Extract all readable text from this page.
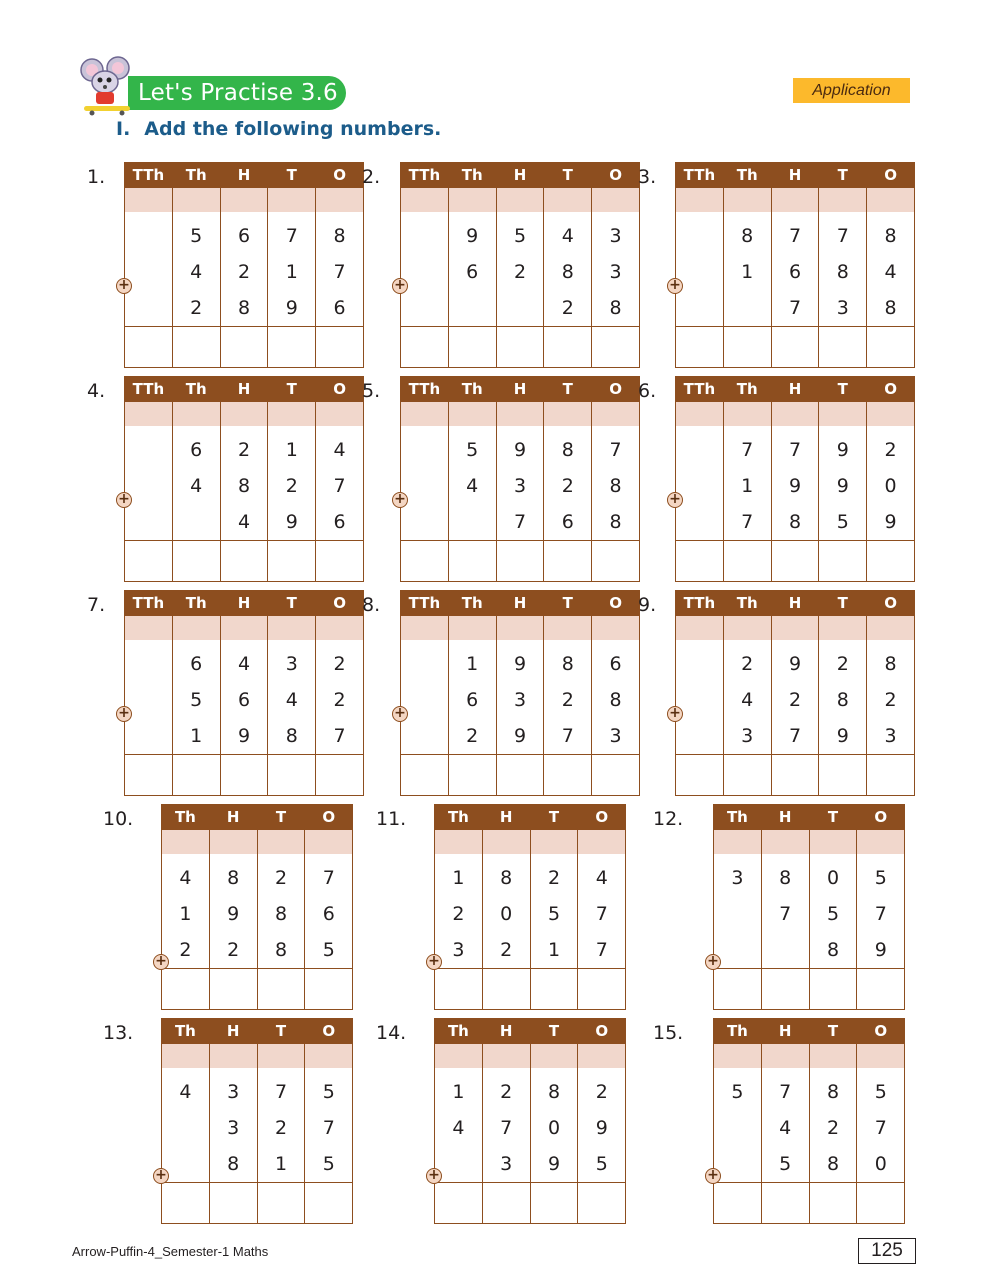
Let's Practise 3.6	Application
I. Add the following numbers.
1. TTh	Th	H	T	O

	5	6	7	8
	4	2	1	7
	2	8	9	6

+
2. TTh	Th	H	T	O

	9	5	4	3
	6	2	8	3
			2	8

+
3. TTh	Th	H	T	O

	8	7	7	8
	1	6	8	4
		7	3	8

+
4. TTh	Th	H	T	O

	6	2	1	4
	4	8	2	7
		4	9	6

+
5. TTh	Th	H	T	O

	5	9	8	7
	4	3	2	8
		7	6	8

+
6. TTh	Th	H	T	O

	7	7	9	2
	1	9	9	0
	7	8	5	9

+
7. TTh	Th	H	T	O

	6	4	3	2
	5	6	4	2
	1	9	8	7

+
8. TTh	Th	H	T	O

	1	9	8	6
	6	3	2	8
	2	9	7	3

+
9. TTh	Th	H	T	O

	2	9	2	8
	4	2	8	2
	3	7	9	3

+
10.	Th	H	T	O

4	8	2	7
1	9	8	6
2	2	8	5

+
11.	Th	H	T	O

1	8	2	4
2	0	5	7
3	2	1	7

+
12.	Th	H	T	O

3	8	0	5
	7	5	7
		8	9

+
13.	Th	H	T	O

4	3	7	5
	3	2	7
	8	1	5

+
14.	Th	H	T	O

1	2	8	2
4	7	0	9
	3	9	5

+
15.	Th	H	T	O

5	7	8	5
	4	2	7
	5	8	0

+
Arrow-Puffin-4_Semester-1 Maths	125
